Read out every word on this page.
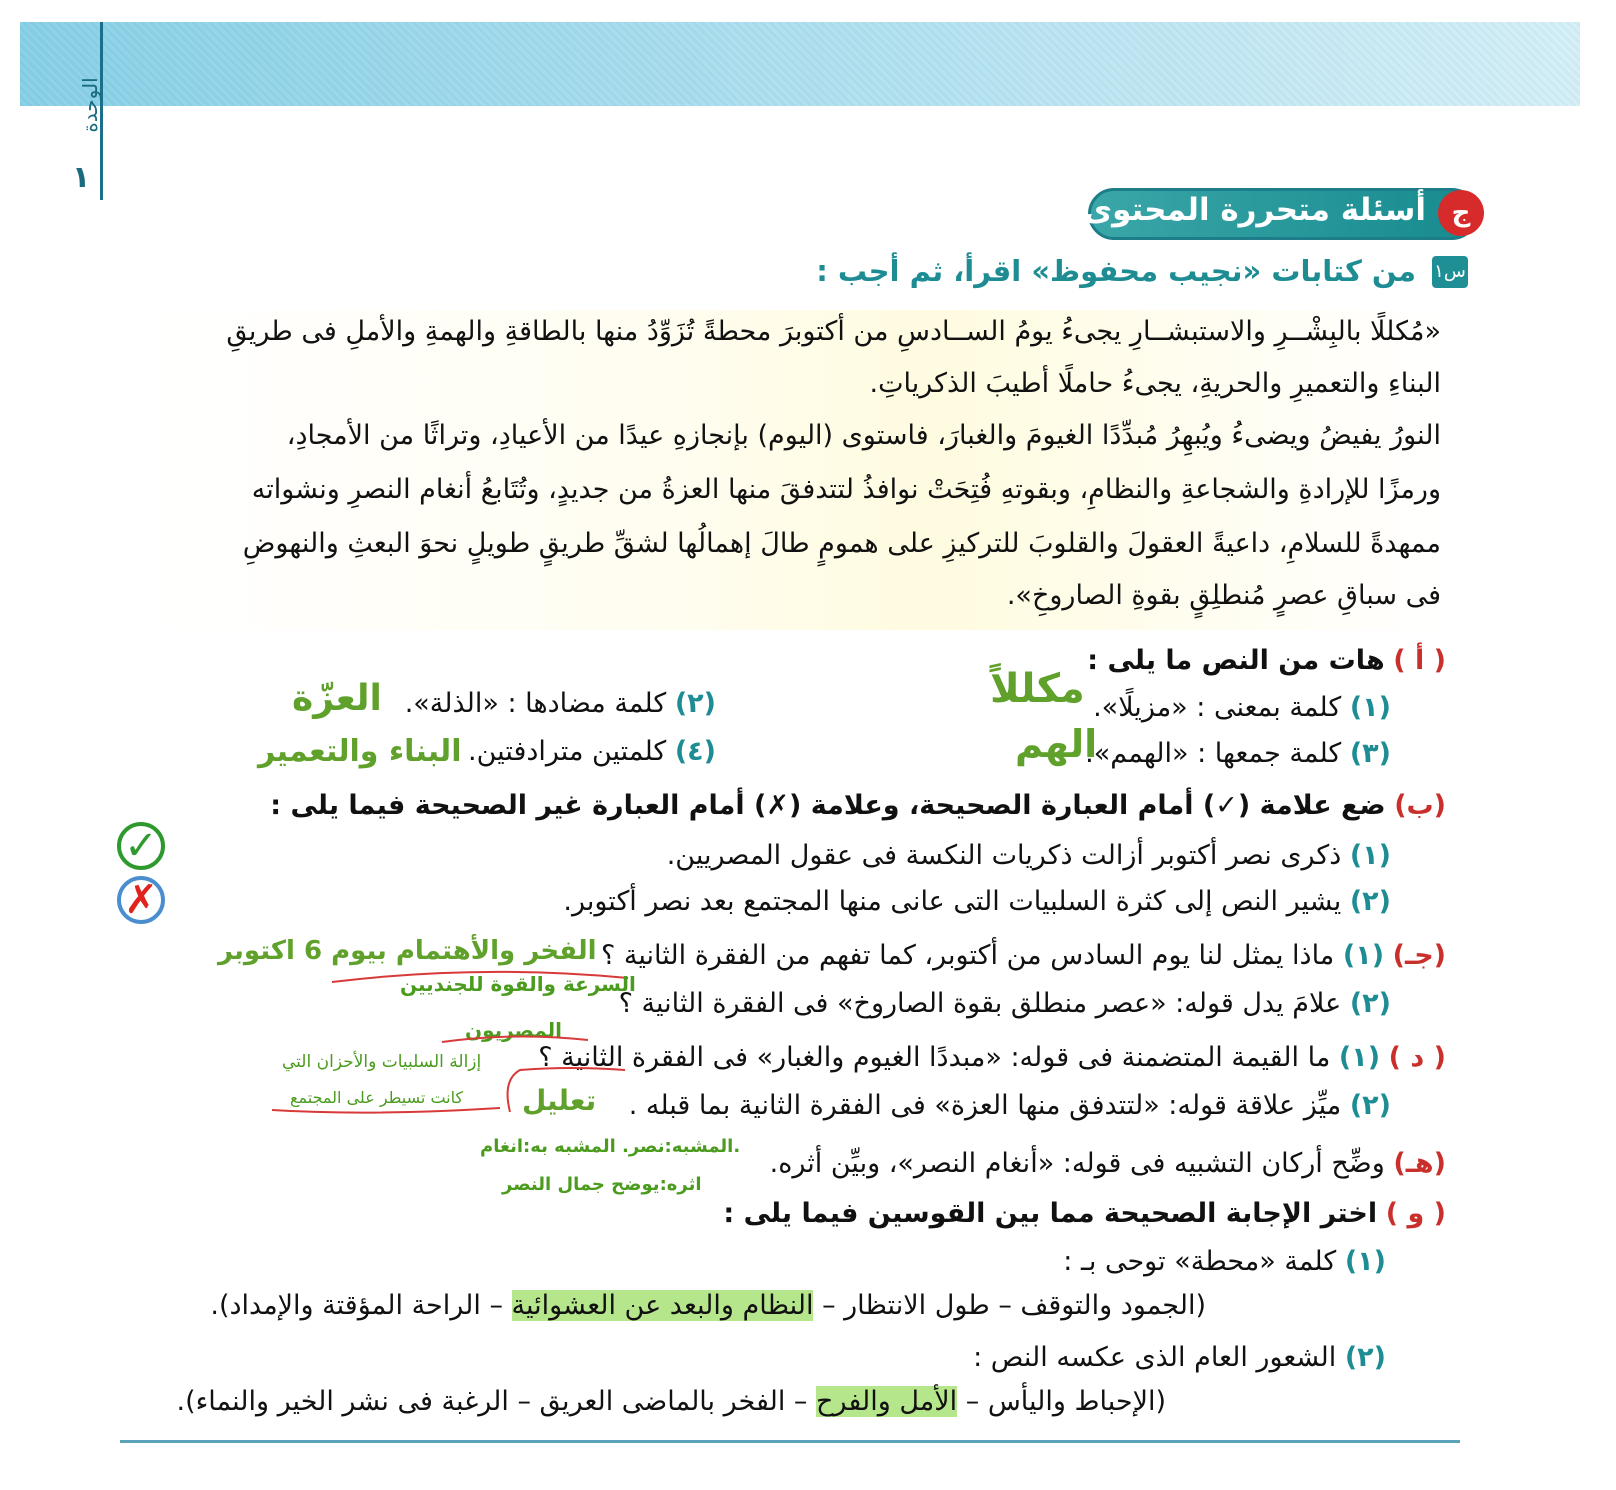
الوحدة
١
أسئلة متحررة المحتوى ج
س١
من كتابات «نجيب محفوظ» اقرأ، ثم أجب :
«مُكللًا بالبِشْــرِ والاستبشــارِ يجىءُ يومُ الســادسِ من أكتوبرَ محطةً تُزَوِّدُ منها بالطاقةِ والهمةِ والأملِ فى طريقِ
البناءِ والتعميرِ والحريةِ، يجىءُ حاملًا أطيبَ الذكرياتِ.
النورُ يفيضُ ويضىءُ ويُبهِرُ مُبدِّدًا الغيومَ والغبارَ، فاستوى (اليوم) بإنجازهِ عيدًا من الأعيادِ، وتراثًا من الأمجادِ،
ورمزًا للإرادةِ والشجاعةِ والنظامِ، وبقوتهِ فُتِحَتْ نوافذُ لتتدفقَ منها العزةُ من جديدٍ، وتُتَابعُ أنغام النصرِ ونشواته
ممهدةً للسلامِ، داعيةً العقولَ والقلوبَ للتركيزِ على همومٍ طالَ إهمالُها لشقِّ طريقٍ طويلٍ نحوَ البعثِ والنهوضِ
فى سباقِ عصرٍ مُنطلِقٍ بقوةِ الصاروخِ».
( أ ) هات من النص ما يلى :
(١) كلمة بمعنى : «مزيلًا».
مكللاً
(٢) كلمة مضادها : «الذلة».
العزّة
(٣) كلمة جمعها : «الهمم».
الهم
(٤) كلمتين مترادفتين.
البناء والتعمير
(ب) ضع علامة (✓) أمام العبارة الصحيحة، وعلامة (✗) أمام العبارة غير الصحيحة فيما يلى :
(١) ذكرى نصر أكتوبر أزالت ذكريات النكسة فى عقول المصريين.
✓
(٢) يشير النص إلى كثرة السلبيات التى عانى منها المجتمع بعد نصر أكتوبر.
✗
(جـ) (١) ماذا يمثل لنا يوم السادس من أكتوبر، كما تفهم من الفقرة الثانية ؟
الفخر والأهتمام بيوم 6 اكتوبر
(٢) علامَ يدل قوله: «عصر منطلق بقوة الصاروخ» فى الفقرة الثانية ؟
السرعة والقوة للجنديين
المصريون
( د ) (١) ما القيمة المتضمنة فى قوله: «مبددًا الغيوم والغبار» فى الفقرة الثانية ؟
إزالة السلبيات والأحزان التي
كانت تسيطر على المجتمع	(٢) ميِّز علاقة قوله: «لتتدفق منها العزة» فى الفقرة الثانية بما قبله .
تعليل
(هـ) وضِّح أركان التشبيه فى قوله: «أنغام النصر»، وبيِّن أثره.
المشبه:نصر. المشبه به:انغام.
اثره:يوضح جمال النصر
( و ) اختر الإجابة الصحيحة مما بين القوسين فيما يلى :
(١) كلمة «محطة» توحى بـ :
(الجمود والتوقف – طول الانتظار – النظام والبعد عن العشوائية – الراحة المؤقتة والإمداد).
(٢) الشعور العام الذى عكسه النص :
(الإحباط واليأس – الأمل والفرح – الفخر بالماضى العريق – الرغبة فى نشر الخير والنماء).
